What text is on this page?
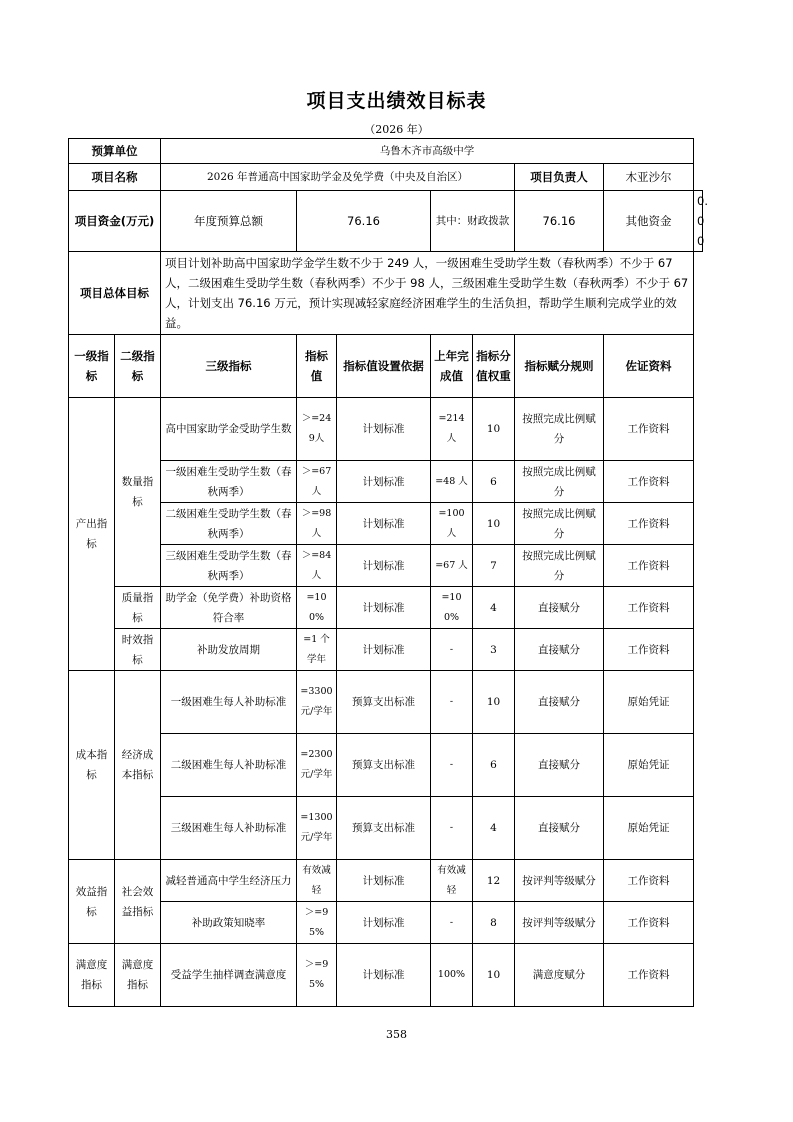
项目支出绩效目标表
（2026 年）
预算单位		乌鲁木齐市高级中学							
项目名称		2026 年普通高中国家助学金及免学费（中央及自治区）					项目负责人	木亚沙尔	
项目资金(万元)		年度预算总额	76.16		其中：财政拨款		76.16	其他资金	0.00
项目总体目标		项目计划补助高中国家助学金学生数不少于 249 人，一级困难生受助学生数（春秋两季）不少于 67 人，二级困难生受助学生数（春秋两季）不少于 98 人，三级困难生受助学生数（春秋两季）不少于 67 人，计划支出 76.16 万元，预计实现减轻家庭经济困难学生的生活负担，帮助学生顺利完成学业的效益。							
一级指标	二级指标	三级指标	指标值	指标值设置依据	上年完成值	指标分值权重	指标赋分规则	佐证资料	
产出指标	数量指标	高中国家助学金受助学生数	＞=249人	计划标准	=214人	10	按照完成比例赋分	工作资料	
		一级困难生受助学生数（春秋两季）	＞=67人	计划标准	=48 人	6	按照完成比例赋分	工作资料	
		二级困难生受助学生数（春秋两季）	＞=98人	计划标准	=100人	10	按照完成比例赋分	工作资料	
		三级困难生受助学生数（春秋两季）	＞=84人	计划标准	=67 人	7	按照完成比例赋分	工作资料	
	质量指标	助学金（免学费）补助资格符合率	=100%	计划标准	=100%	4	直接赋分	工作资料	
	时效指标	补助发放周期	=1 个学年	计划标准	-	3	直接赋分	工作资料	
成本指标	经济成本指标	一级困难生每人补助标准	=3300元/学年	预算支出标准	-	10	直接赋分	原始凭证	
		二级困难生每人补助标准	=2300元/学年	预算支出标准	-	6	直接赋分	原始凭证	
		三级困难生每人补助标准	=1300元/学年	预算支出标准	-	4	直接赋分	原始凭证	
效益指标	社会效益指标	减轻普通高中学生经济压力	有效减轻	计划标准	有效减轻	12	按评判等级赋分	工作资料	
		补助政策知晓率	＞=95%	计划标准	-	8	按评判等级赋分	工作资料	
满意度指标	满意度指标	受益学生抽样调查满意度	＞=95%	计划标准	100%	10	满意度赋分	工作资料	
358
